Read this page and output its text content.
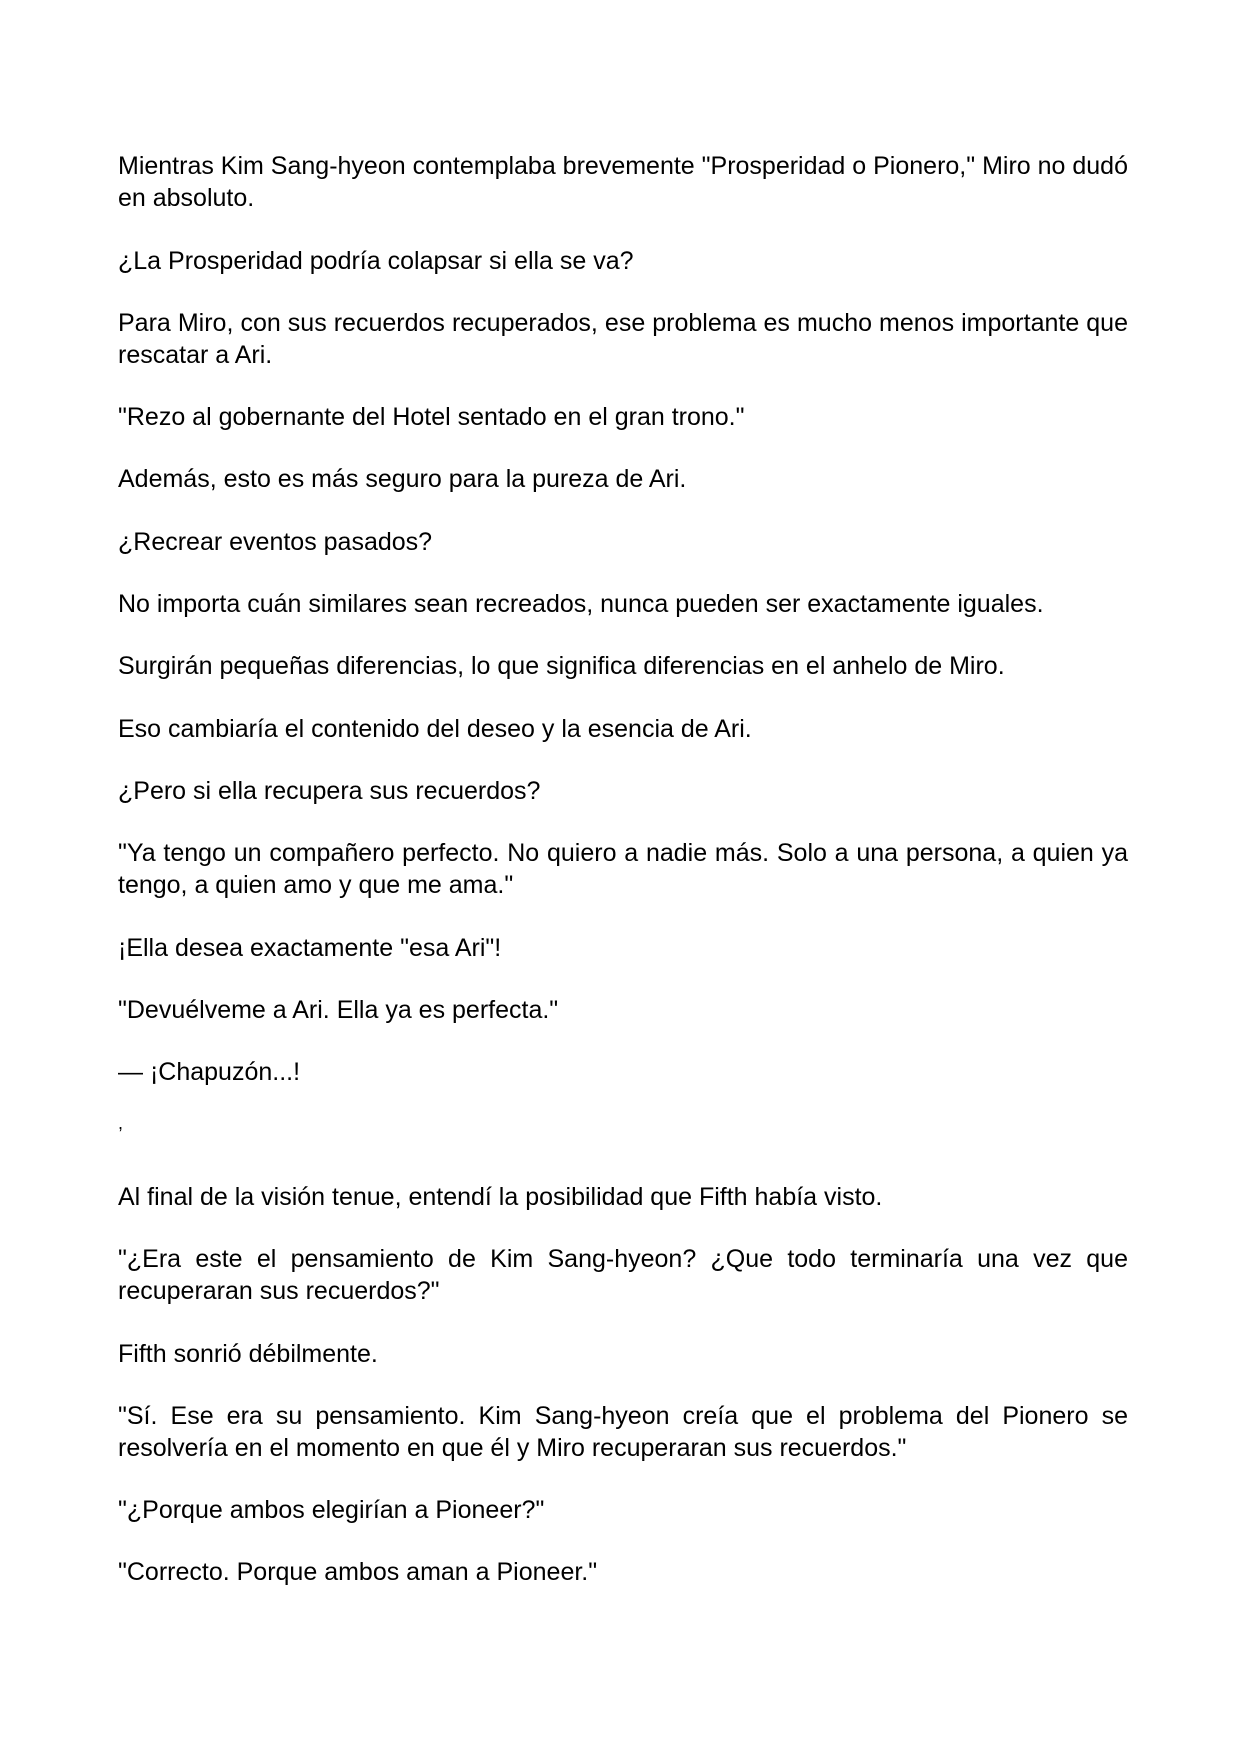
Mientras Kim Sang-hyeon contemplaba brevemente "Prosperidad o Pionero," Miro no dudó en absoluto.

¿La Prosperidad podría colapsar si ella se va?

Para Miro, con sus recuerdos recuperados, ese problema es mucho menos importante que rescatar a Ari.

"Rezo al gobernante del Hotel sentado en el gran trono."

Además, esto es más seguro para la pureza de Ari.

¿Recrear eventos pasados?

No importa cuán similares sean recreados, nunca pueden ser exactamente iguales.

Surgirán pequeñas diferencias, lo que significa diferencias en el anhelo de Miro.

Eso cambiaría el contenido del deseo y la esencia de Ari.

¿Pero si ella recupera sus recuerdos?

"Ya tengo un compañero perfecto. No quiero a nadie más. Solo a una persona, a quien ya tengo, a quien amo y que me ama."

¡Ella desea exactamente "esa Ari"!

"Devuélveme a Ari. Ella ya es perfecta."

— ¡Chapuzón...!

,

Al final de la visión tenue, entendí la posibilidad que Fifth había visto.

"¿Era este el pensamiento de Kim Sang-hyeon? ¿Que todo terminaría una vez que recuperaran sus recuerdos?"

Fifth sonrió débilmente.

"Sí. Ese era su pensamiento. Kim Sang-hyeon creía que el problema del Pionero se resolvería en el momento en que él y Miro recuperaran sus recuerdos."

"¿Porque ambos elegirían a Pioneer?"

"Correcto. Porque ambos aman a Pioneer."
